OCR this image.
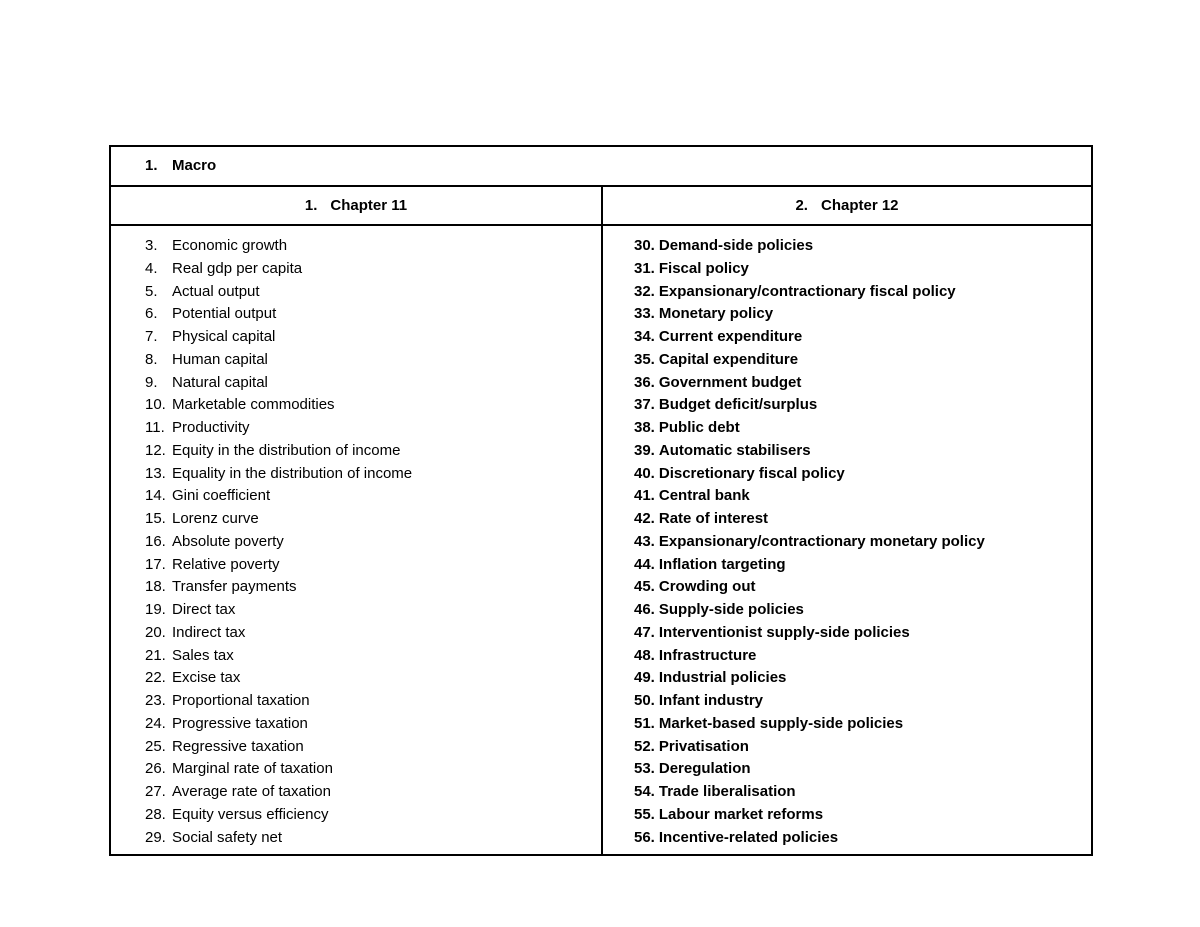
1. Macro
1. Chapter 11	2. Chapter 12
3. Economic growth
4. Real gdp per capita
5. Actual output
6. Potential output
7. Physical capital
8. Human capital
9. Natural capital
10. Marketable commodities
11. Productivity
12. Equity in the distribution of income
13. Equality in the distribution of income
14. Gini coefficient
15. Lorenz curve
16. Absolute poverty
17. Relative poverty
18. Transfer payments
19. Direct tax
20. Indirect tax
21. Sales tax
22. Excise tax
23. Proportional taxation
24. Progressive taxation
25. Regressive taxation
26. Marginal rate of taxation
27. Average rate of taxation
28. Equity versus efficiency
29. Social safety net
30. Demand-side policies
31. Fiscal policy
32. Expansionary/contractionary fiscal policy
33. Monetary policy
34. Current expenditure
35. Capital expenditure
36. Government budget
37. Budget deficit/surplus
38. Public debt
39. Automatic stabilisers
40. Discretionary fiscal policy
41. Central bank
42. Rate of interest
43. Expansionary/contractionary monetary policy
44. Inflation targeting
45. Crowding out
46. Supply-side policies
47. Interventionist supply-side policies
48. Infrastructure
49. Industrial policies
50. Infant industry
51. Market-based supply-side policies
52. Privatisation
53. Deregulation
54. Trade liberalisation
55. Labour market reforms
56. Incentive-related policies
